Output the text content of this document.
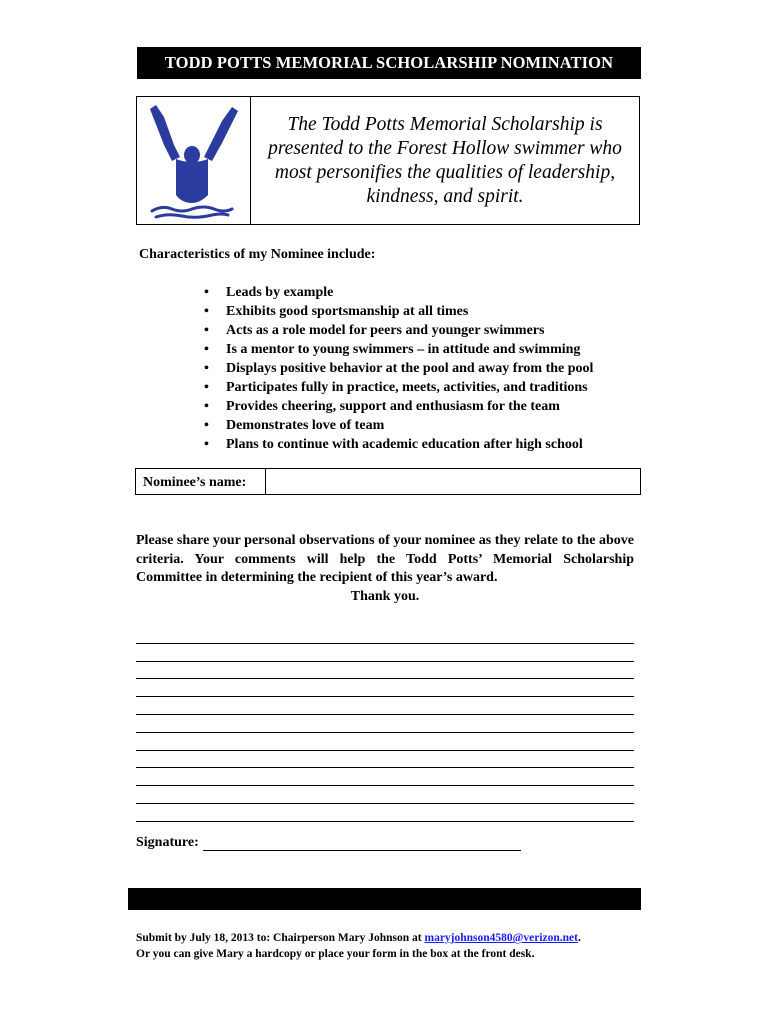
TODD POTTS MEMORIAL SCHOLARSHIP NOMINATION
The Todd Potts Memorial Scholarship is
presented to the Forest Hollow swimmer who
most personifies the qualities of leadership,
kindness, and spirit.
Characteristics of my Nominee include:
•	Leads by example
•	Exhibits good sportsmanship at all times
•	Acts as a role model for peers and younger swimmers
•	Is a mentor to young swimmers – in attitude and swimming
•	Displays positive behavior at the pool and away from the pool
•	Participates fully in practice, meets, activities, and traditions
•	Provides cheering, support and enthusiasm for the team
•	Demonstrates love of team
•	Plans to continue with academic education after high school
Nominee’s name:
Please share your personal observations of your nominee as they relate to the above criteria. Your comments will help the Todd Potts’ Memorial Scholarship Committee in determining the recipient of this year’s award.
Thank you.
Signature:
Submit by July 18, 2013 to: Chairperson Mary Johnson at maryjohnson4580@verizon.net.
Or you can give Mary a hardcopy or place your form in the box at the front desk.
